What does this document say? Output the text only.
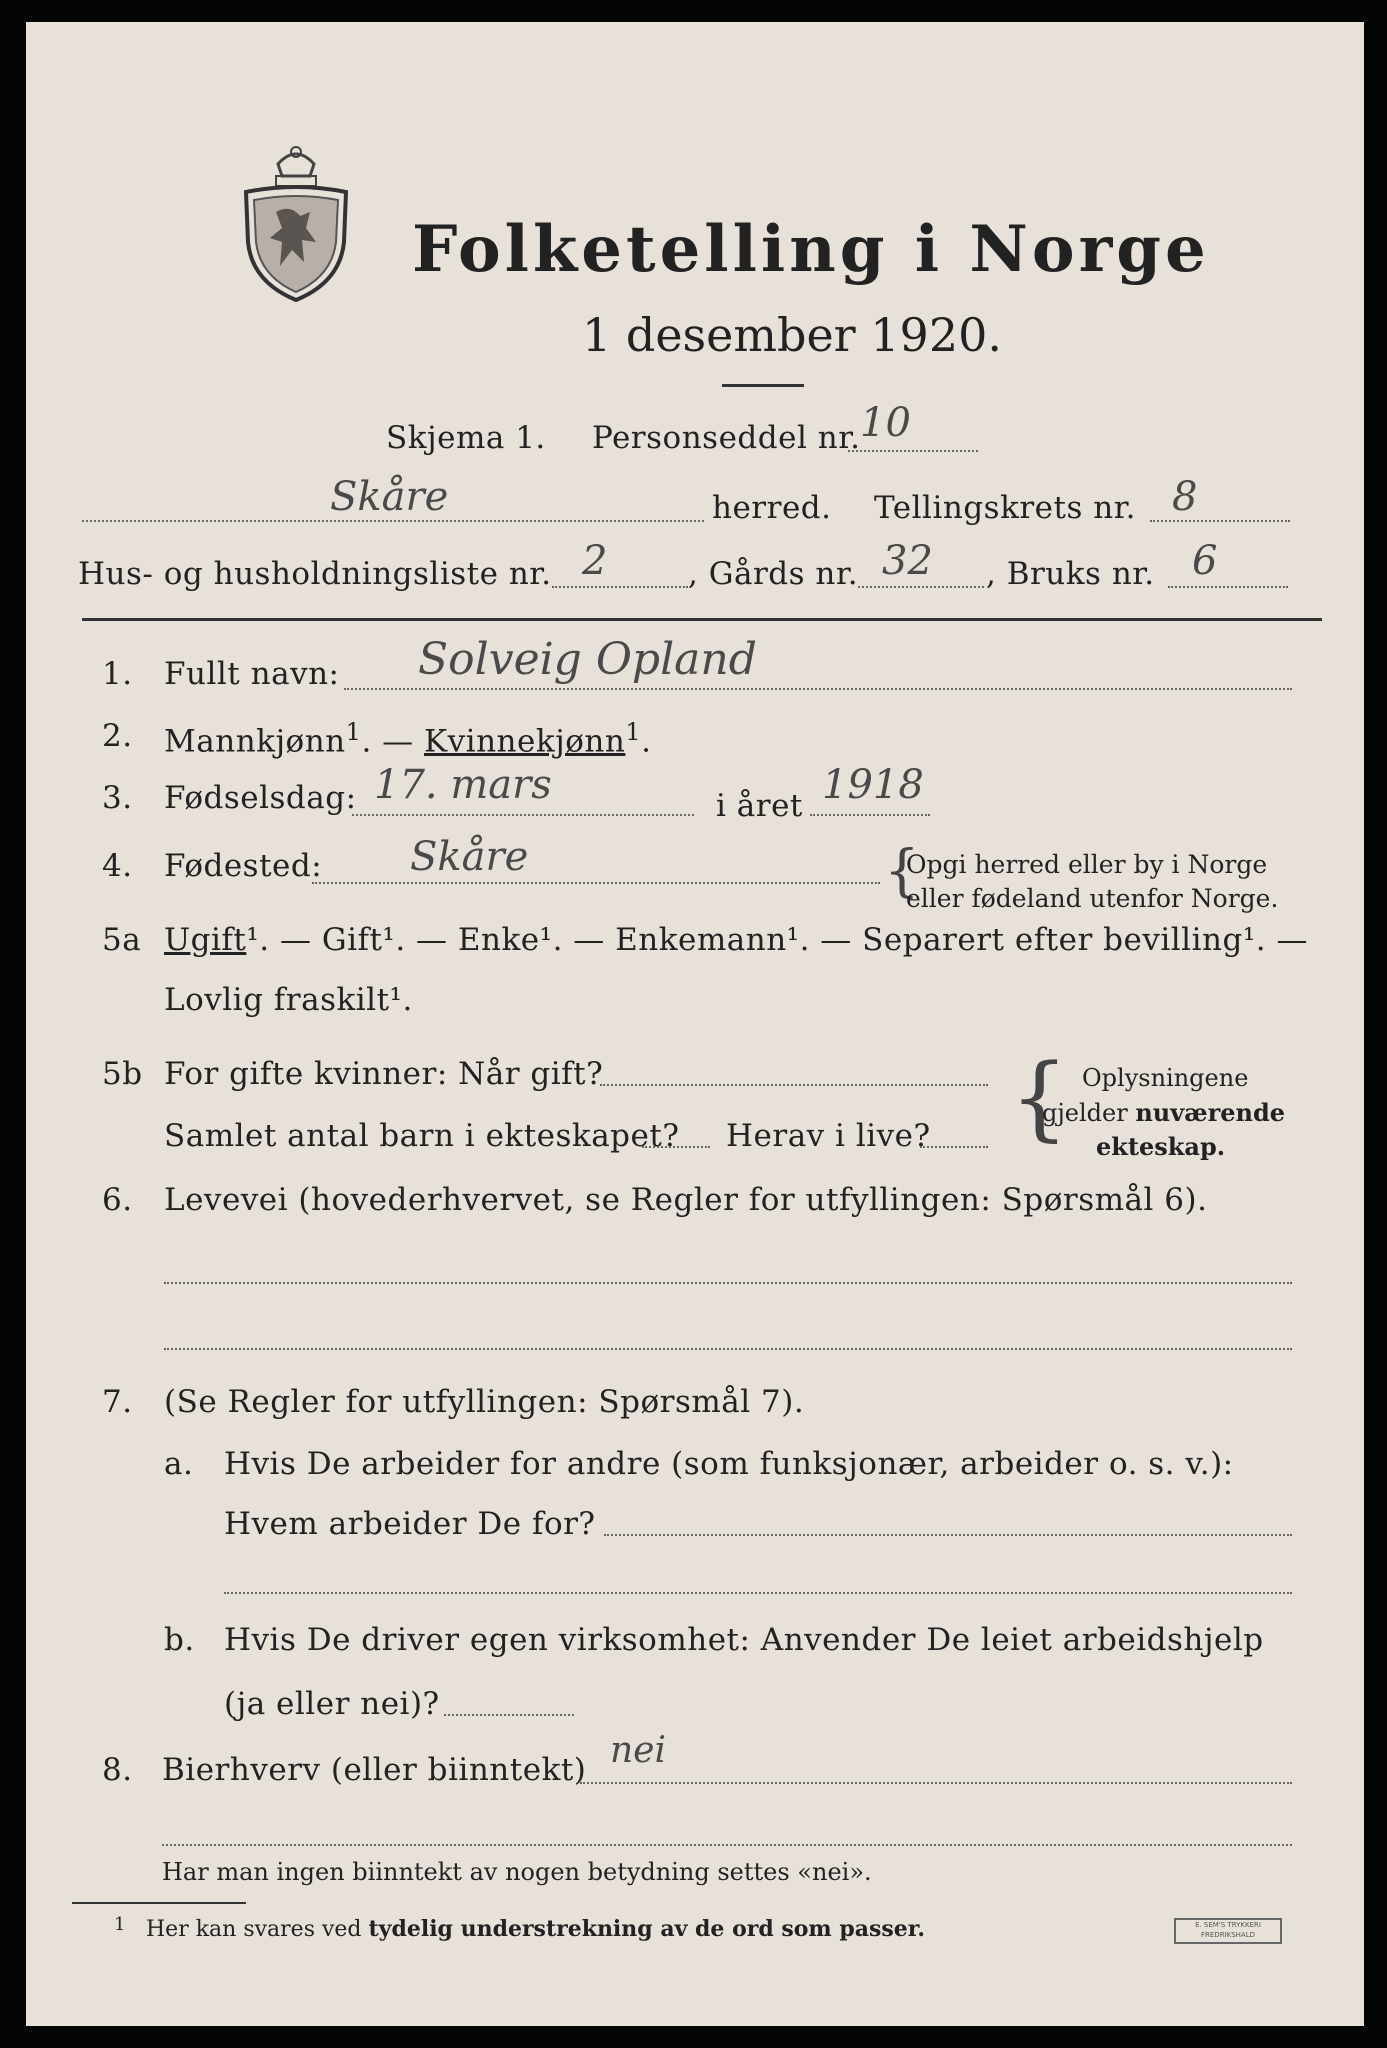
Folketelling i Norge
1 desember 1920.
Skjema 1. Personseddel nr. 10
Skåre	herred. Tellingskrets nr. 8
Hus- og husholdningsliste nr. 2	, Gårds nr. 32 , Bruks nr. 6
1. Fullt navn: Solveig Opland
2. Mannkjønn$^1$. — Kvinnekjønn$^1$.
3. Fødselsdag: 17. mars	i året 1918
4. Fødested: Skåre	{
Opgi herred eller by i Norge
eller fødeland utenfor Norge.
5a Ugift¹. — Gift¹. — Enke¹. — Enkemann¹. — Separert efter bevilling¹. —
Lovlig fraskilt¹.
5b For gifte kvinner: Når gift?
Samlet antal barn i ekteskapet? Herav i live? { Oplysningene
gjelder nuværende
ekteskap.
6. Levevei (hovederhvervet, se Regler for utfyllingen: Spørsmål 6).
7. (Se Regler for utfyllingen: Spørsmål 7).
a. Hvis De arbeider for andre (som funksjonær, arbeider o. s. v.):
Hvem arbeider De for?
b. Hvis De driver egen virksomhet: Anvender De leiet arbeidshjelp
(ja eller nei)?
8. Bierhverv (eller biinntekt) nei
Har man ingen biinntekt av nogen betydning settes «nei».
1 Her kan svares ved tydelig understrekning av de ord som passer.	E. SEM'S TRYKKERI
FREDRIKSHALD
